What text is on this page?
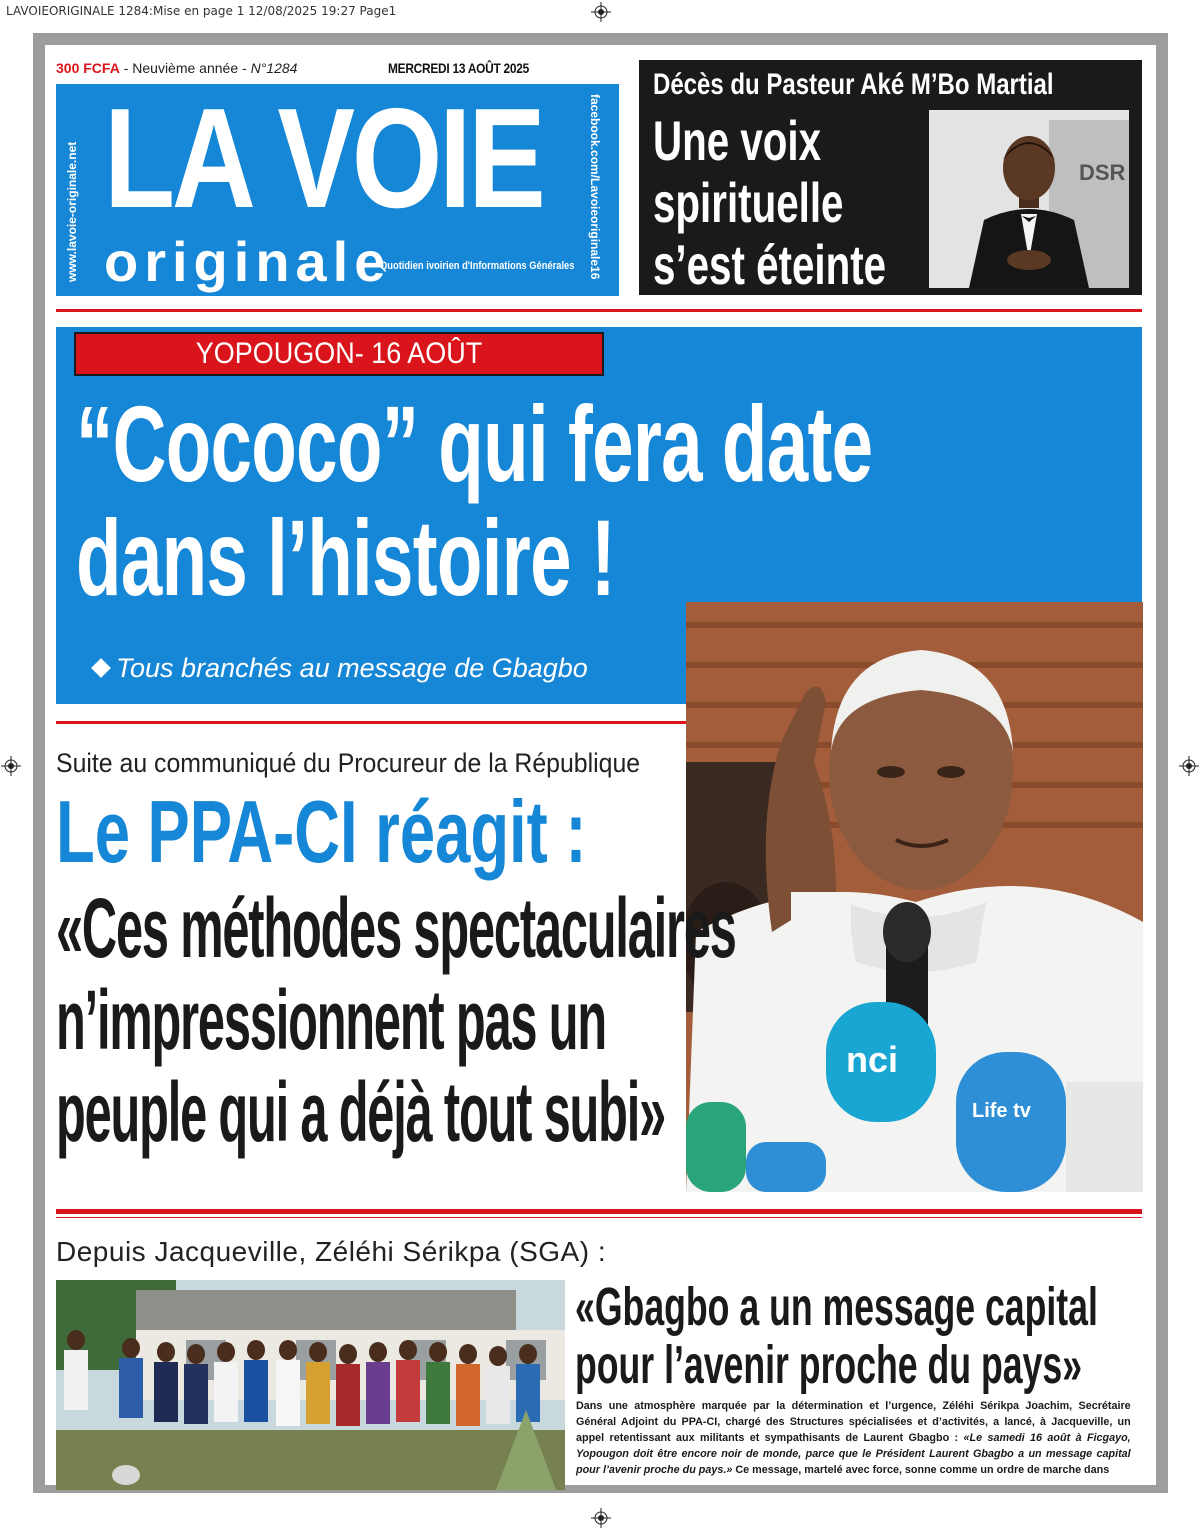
LAVOIEORIGINALE 1284:Mise en page 1 12/08/2025 19:27 Page1
300 FCFA - Neuvième année - N°1284	MERCREDI 13 AOÛT 2025
www.lavoie-originale.net LA VOIE
originale
Quotidien ivoirien d'Informations Générales facebook.com/Lavoieoriginale16
Décès du Pasteur Aké M’Bo Martial
Une voix
spirituelle
s’est éteinte
DSR
YOPOUGON- 16 AOÛT
“Cococo” qui fera date
dans l’histoire !
Tous branchés au message de Gbagbo
nci
Life tv
Suite au communiqué du Procureur de la République
Le PPA-CI réagit :
«Ces méthodes spectaculaires
n’impressionnent pas un
peuple qui a déjà tout subi»
Depuis Jacqueville, Zéléhi Sérikpa (SGA) :
«Gbagbo a un message capital
pour l’avenir proche du pays»
Dans une atmosphère marquée par la détermination et l’urgence, Zéléhi Sérikpa Joachim, Secrétaire Général Adjoint du PPA-CI, chargé des Structures spécialisées et d’activités, a lancé, à Jacqueville, un appel retentissant aux militants et sympathisants de Laurent Gbagbo : «Le samedi 16 août à Ficgayo, Yopougon doit être encore noir de monde, parce que le Président Laurent Gbagbo a un message capital pour l’avenir proche du pays.» Ce message, martelé avec force, sonne comme un ordre de marche dans
